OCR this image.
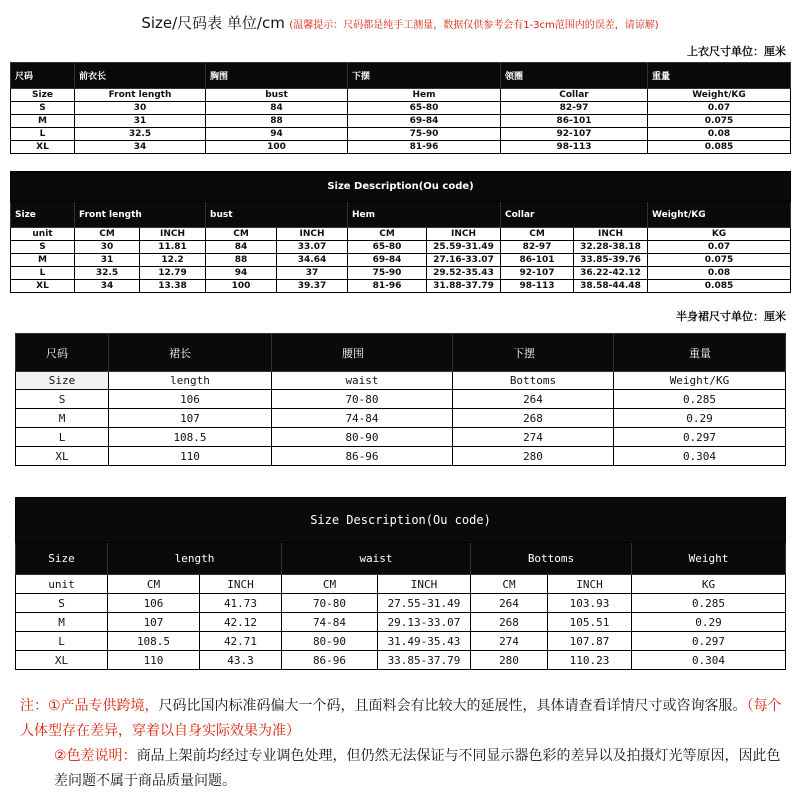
Size/尺码表 单位/cm (温馨提示：尺码都是纯手工测量，数据仅供参考会有1-3cm范围内的误差，请谅解)
上衣尺寸单位：厘米
尺码	前衣长	胸围	下摆	领圈	重量
Size	Front length	bust	Hem	Collar	Weight/KG
S	30	84	65-80	82-97	0.07
M	31	88	69-84	86-101	0.075
L	32.5	94	75-90	92-107	0.08
XL	34	100	81-96	98-113	0.085
Size Description(Ou code)									
Size	Front length		bust		Hem		Collar		Weight/KG
unit	CM	INCH	CM	INCH	CM	INCH	CM	INCH	KG
S	30	11.81	84	33.07	65-80	25.59-31.49	82-97	32.28-38.18	0.07
M	31	12.2	88	34.64	69-84	27.16-33.07	86-101	33.85-39.76	0.075
L	32.5	12.79	94	37	75-90	29.52-35.43	92-107	36.22-42.12	0.08
XL	34	13.38	100	39.37	81-96	31.88-37.79	98-113	38.58-44.48	0.085
半身裙尺寸单位：厘米
尺码	裙长	腰围	下摆	重量
Size	length	waist	Bottoms	Weight/KG
S	106	70-80	264	0.285
M	107	74-84	268	0.29
L	108.5	80-90	274	0.297
XL	110	86-96	280	0.304
Size Description(Ou code)							
Size	length		waist		Bottoms		Weight
unit	CM	INCH	CM	INCH	CM	INCH	KG
S	106	41.73	70-80	27.55-31.49	264	103.93	0.285
M	107	42.12	74-84	29.13-33.07	268	105.51	0.29
L	108.5	42.71	80-90	31.49-35.43	274	107.87	0.297
XL	110	43.3	86-96	33.85-37.79	280	110.23	0.304
注：①产品专供跨境，尺码比国内标准码偏大一个码，且面料会有比较大的延展性，具体请查看详情尺寸或咨询客服。（每个人体型存在差异，穿着以自身实际效果为准）
②色差说明：商品上架前均经过专业调色处理，但仍然无法保证与不同显示器色彩的差异以及拍摄灯光等原因，因此色差问题不属于商品质量问题。
